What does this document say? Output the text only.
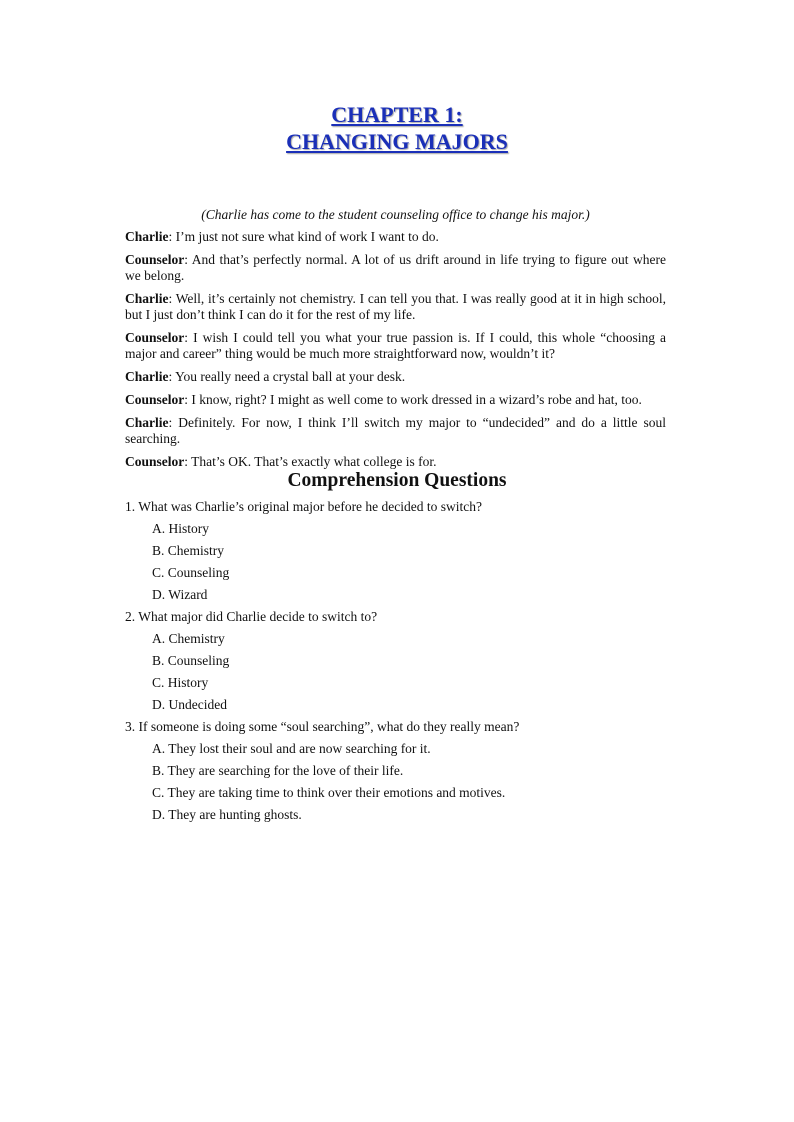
CHAPTER 1:
CHANGING MAJORS
(Charlie has come to the student counseling office to change his major.)

Charlie: I’m just not sure what kind of work I want to do.

Counselor: And that’s perfectly normal. A lot of us drift around in life trying to figure out where we belong.

Charlie: Well, it’s certainly not chemistry. I can tell you that. I was really good at it in high school, but I just don’t think I can do it for the rest of my life.

Counselor: I wish I could tell you what your true passion is. If I could, this whole “choosing a major and career” thing would be much more straightforward now, wouldn’t it?

Charlie: You really need a crystal ball at your desk.

Counselor: I know, right? I might as well come to work dressed in a wizard’s robe and hat, too.

Charlie: Definitely. For now, I think I’ll switch my major to “undecided” and do a little soul searching.

Counselor: That’s OK. That’s exactly what college is for.

Comprehension Questions
1. What was Charlie’s original major before he decided to switch?
A. History
B. Chemistry
C. Counseling
D. Wizard
2. What major did Charlie decide to switch to?
A. Chemistry
B. Counseling
C. History
D. Undecided
3. If someone is doing some “soul searching”, what do they really mean?
A. They lost their soul and are now searching for it.
B. They are searching for the love of their life.
C. They are taking time to think over their emotions and motives.
D. They are hunting ghosts.
